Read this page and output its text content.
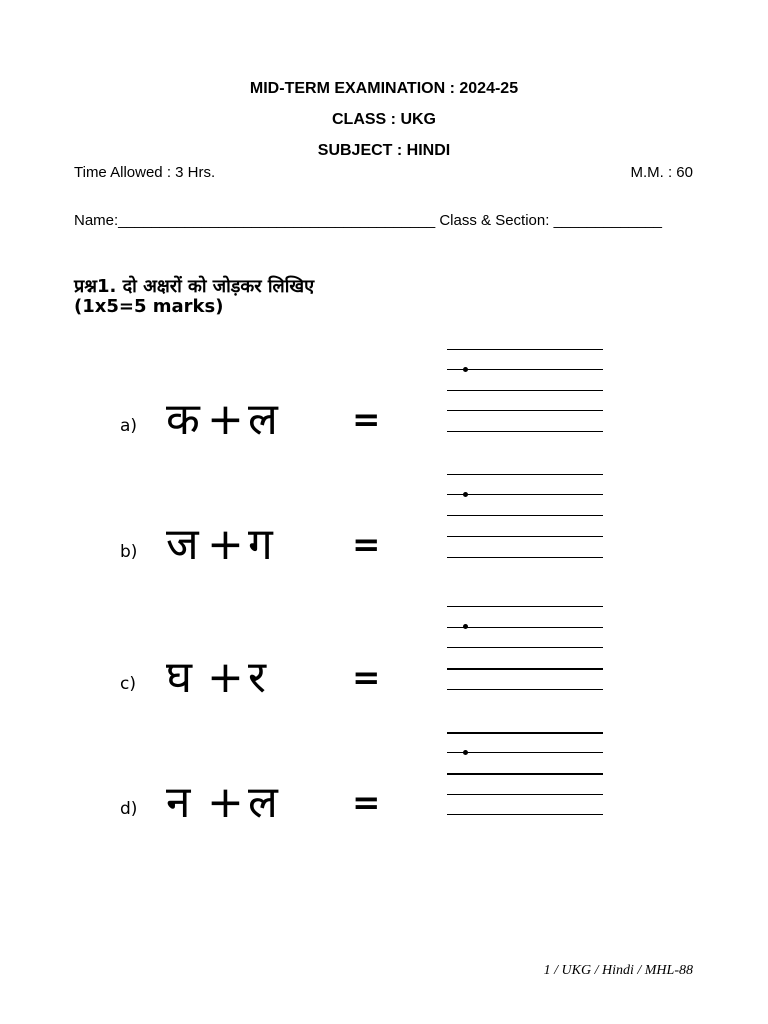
MID-TERM EXAMINATION : 2024-25
CLASS : UKG
SUBJECT : HINDI
Time Allowed : 3 Hrs.	M.M. : 60
Name:______________________________________ Class & Section: _____________
प्रश्न1. दो अक्षरों को जोड़कर लिखिए
(1x5=5 marks)
a) क + ल =
b) ज + ग =
c) घ + र	=
d) न + ल =
1 / UKG / Hindi / MHL-88
